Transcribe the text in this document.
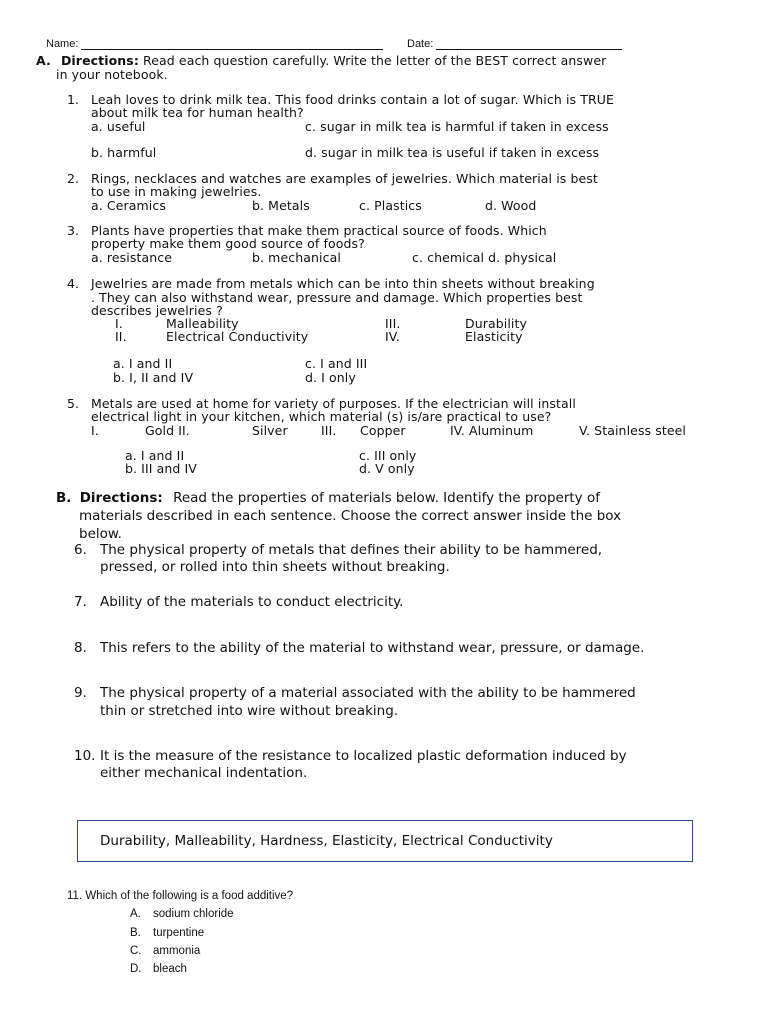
Name:	Date:
A. Directions: Read each question carefully. Write the letter of the BEST correct answer
in your notebook.
1. Leah loves to drink milk tea. This food drinks contain a lot of sugar. Which is TRUE
about milk tea for human health?
a. useful	c. sugar in milk tea is harmful if taken in excess
b. harmful	d. sugar in milk tea is useful if taken in excess
2. Rings, necklaces and watches are examples of jewelries. Which material is best
to use in making jewelries.
a. Ceramics	b. Metals	c. Plastics	d. Wood
3. Plants have properties that make them practical source of foods. Which
property make them good source of foods?
a. resistance	b. mechanical	c. chemical d. physical
4. Jewelries are made from metals which can be into thin sheets without breaking
. They can also withstand wear, pressure and damage. Which properties best
describes jewelries ?
I.	Malleability	III.	Durability
II.	Electrical Conductivity	IV.	Elasticity
a. I and II	c. I and III
b. I, II and IV	d. I only
5. Metals are used at home for variety of purposes. If the electrician will install
electrical light in your kitchen, which material (s) is/are practical to use?
I.	Gold II.	Silver	III. Copper	IV. Aluminum	V. Stainless steel
a. I and II	c. III only
b. III and IV	d. V only
B. Directions: Read the properties of materials below. Identify the property of
materials described in each sentence. Choose the correct answer inside the box
below.
6. The physical property of metals that defines their ability to be hammered,
pressed, or rolled into thin sheets without breaking.
7. Ability of the materials to conduct electricity.
8. This refers to the ability of the material to withstand wear, pressure, or damage.
9. The physical property of a material associated with the ability to be hammered
thin or stretched into wire without breaking.
10. It is the measure of the resistance to localized plastic deformation induced by
either mechanical indentation.
Durability, Malleability, Hardness, Elasticity, Electrical Conductivity
11. Which of the following is a food additive?
A. sodium chloride
B. turpentine
C. ammonia
D. bleach
